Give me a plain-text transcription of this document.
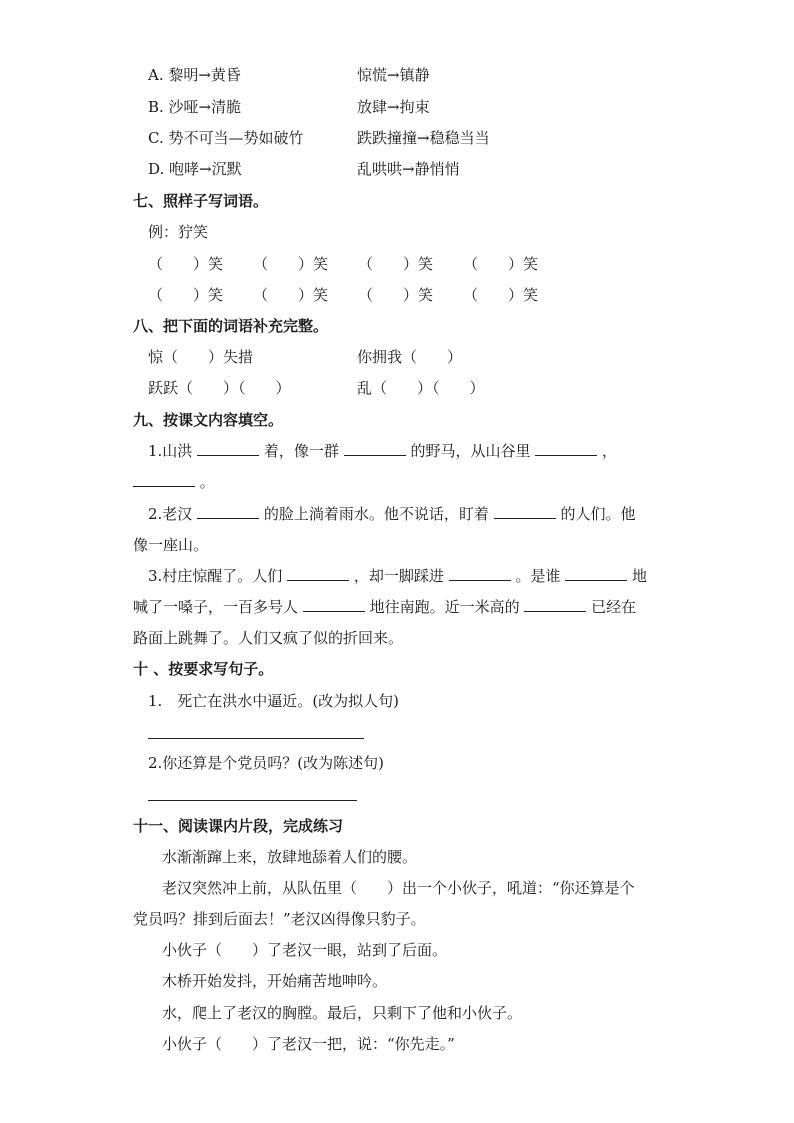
A. 黎明→黄昏	惊慌→镇静
B. 沙哑→清脆	放肆→拘束
C. 势不可当—势如破竹	跌跌撞撞→稳稳当当
D. 咆哮→沉默	乱哄哄→静悄悄
七、照样子写词语。
例：狞笑
（　　）笑 （　　）笑 （　　）笑 （　　）笑
（　　）笑 （　　）笑 （　　）笑 （　　）笑
八、把下面的词语补充完整。
惊（　　）失措	你拥我（　　）
跃跃（　　）（　　）	乱（　　）（　　）
九、按课文内容填空。
1.山洪	着，像一群	的野马，从山谷里	，
。
2.老汉	的脸上淌着雨水。他不说话，盯着	的人们。他
像一座山。
3.村庄惊醒了。人们	，却一脚踩进	。是谁	地
喊了一嗓子，一百多号人	地往南跑。近一米高的	已经在
路面上跳舞了。人们又疯了似的折回来。
十 、按要求写句子。
1.　死亡在洪水中逼近。(改为拟人句)
2.你还算是个党员吗？(改为陈述句)
十一、阅读课内片段，完成练习
水渐渐蹿上来，放肆地舔着人们的腰。
老汉突然冲上前，从队伍里（　　）出一个小伙子，吼道：“你还算是个
党员吗？排到后面去！”老汉凶得像只豹子。
小伙子（　　）了老汉一眼，站到了后面。
木桥开始发抖，开始痛苦地呻吟。
水，爬上了老汉的胸膛。最后，只剩下了他和小伙子。
小伙子（　　）了老汉一把，说：“你先走。”
